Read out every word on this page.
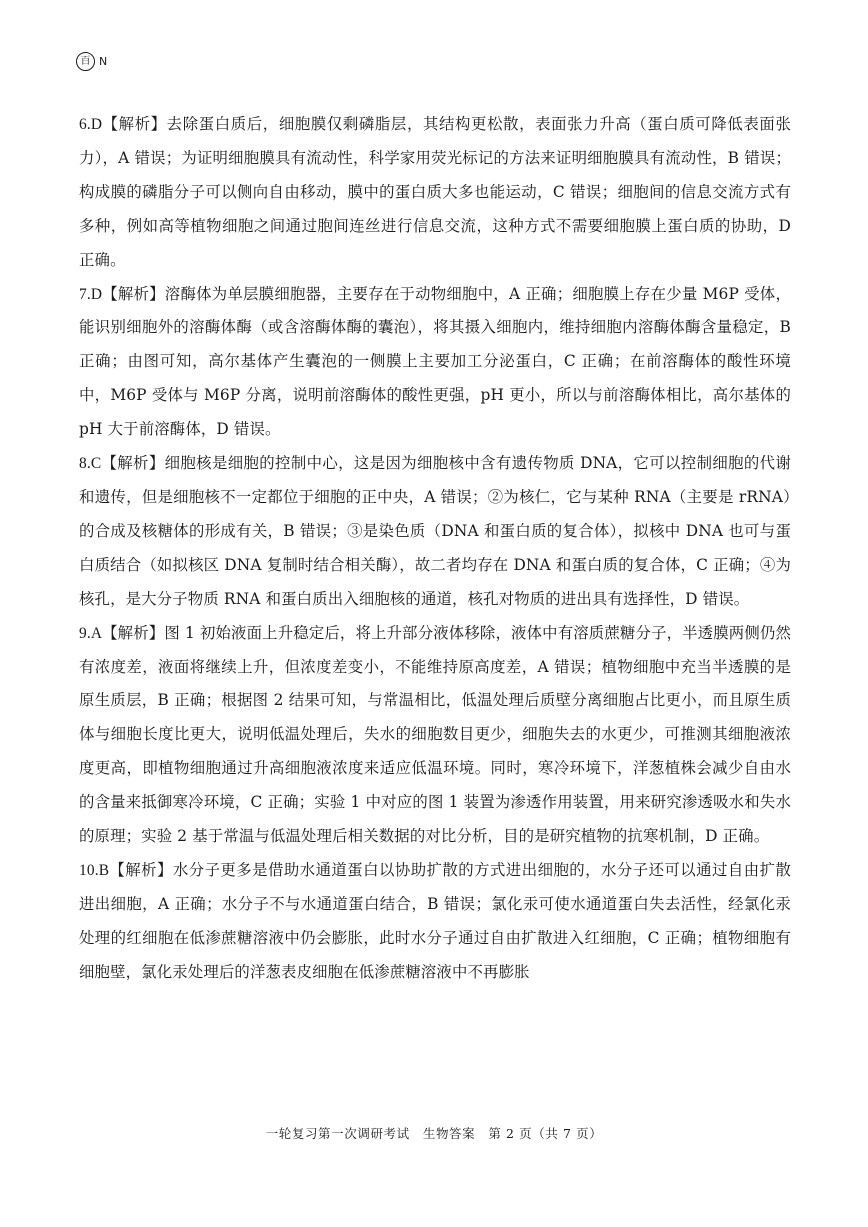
百 N

6.D【解析】去除蛋白质后，细胞膜仅剩磷脂层，其结构更松散，表面张力升高（蛋白质可降低表面张力），A 错误；为证明细胞膜具有流动性，科学家用荧光标记的方法来证明细胞膜具有流动性，B 错误；构成膜的磷脂分子可以侧向自由移动，膜中的蛋白质大多也能运动，C 错误；细胞间的信息交流方式有多种，例如高等植物细胞之间通过胞间连丝进行信息交流，这种方式不需要细胞膜上蛋白质的协助，D 正确。

7.D【解析】溶酶体为单层膜细胞器，主要存在于动物细胞中，A 正确；细胞膜上存在少量 M6P 受体，能识别细胞外的溶酶体酶（或含溶酶体酶的囊泡），将其摄入细胞内，维持细胞内溶酶体酶含量稳定，B 正确；由图可知，高尔基体产生囊泡的一侧膜上主要加工分泌蛋白，C 正确；在前溶酶体的酸性环境中，M6P 受体与 M6P 分离，说明前溶酶体的酸性更强，pH 更小，所以与前溶酶体相比，高尔基体的 pH 大于前溶酶体，D 错误。

8.C【解析】细胞核是细胞的控制中心，这是因为细胞核中含有遗传物质 DNA，它可以控制细胞的代谢和遗传，但是细胞核不一定都位于细胞的正中央，A 错误；②为核仁，它与某种 RNA（主要是 rRNA）的合成及核糖体的形成有关，B 错误；③是染色质（DNA 和蛋白质的复合体），拟核中 DNA 也可与蛋白质结合（如拟核区 DNA 复制时结合相关酶），故二者均存在 DNA 和蛋白质的复合体，C 正确；④为核孔，是大分子物质 RNA 和蛋白质出入细胞核的通道，核孔对物质的进出具有选择性，D 错误。

9.A【解析】图 1 初始液面上升稳定后，将上升部分液体移除，液体中有溶质蔗糖分子，半透膜两侧仍然有浓度差，液面将继续上升，但浓度差变小，不能维持原高度差，A 错误；植物细胞中充当半透膜的是原生质层，B 正确；根据图 2 结果可知，与常温相比，低温处理后质壁分离细胞占比更小，而且原生质体与细胞长度比更大，说明低温处理后，失水的细胞数目更少，细胞失去的水更少，可推测其细胞液浓度更高，即植物细胞通过升高细胞液浓度来适应低温环境。同时，寒冷环境下，洋葱植株会减少自由水的含量来抵御寒冷环境，C 正确；实验 1 中对应的图 1 装置为渗透作用装置，用来研究渗透吸水和失水的原理；实验 2 基于常温与低温处理后相关数据的对比分析，目的是研究植物的抗寒机制，D 正确。

10.B【解析】水分子更多是借助水通道蛋白以协助扩散的方式进出细胞的，水分子还可以通过自由扩散进出细胞，A 正确；水分子不与水通道蛋白结合，B 错误；氯化汞可使水通道蛋白失去活性，经氯化汞处理的红细胞在低渗蔗糖溶液中仍会膨胀，此时水分子通过自由扩散进入红细胞，C 正确；植物细胞有细胞壁，氯化汞处理后的洋葱表皮细胞在低渗蔗糖溶液中不再膨胀

一轮复习第一次调研考试　生物答案　第 2 页（共 7 页）
